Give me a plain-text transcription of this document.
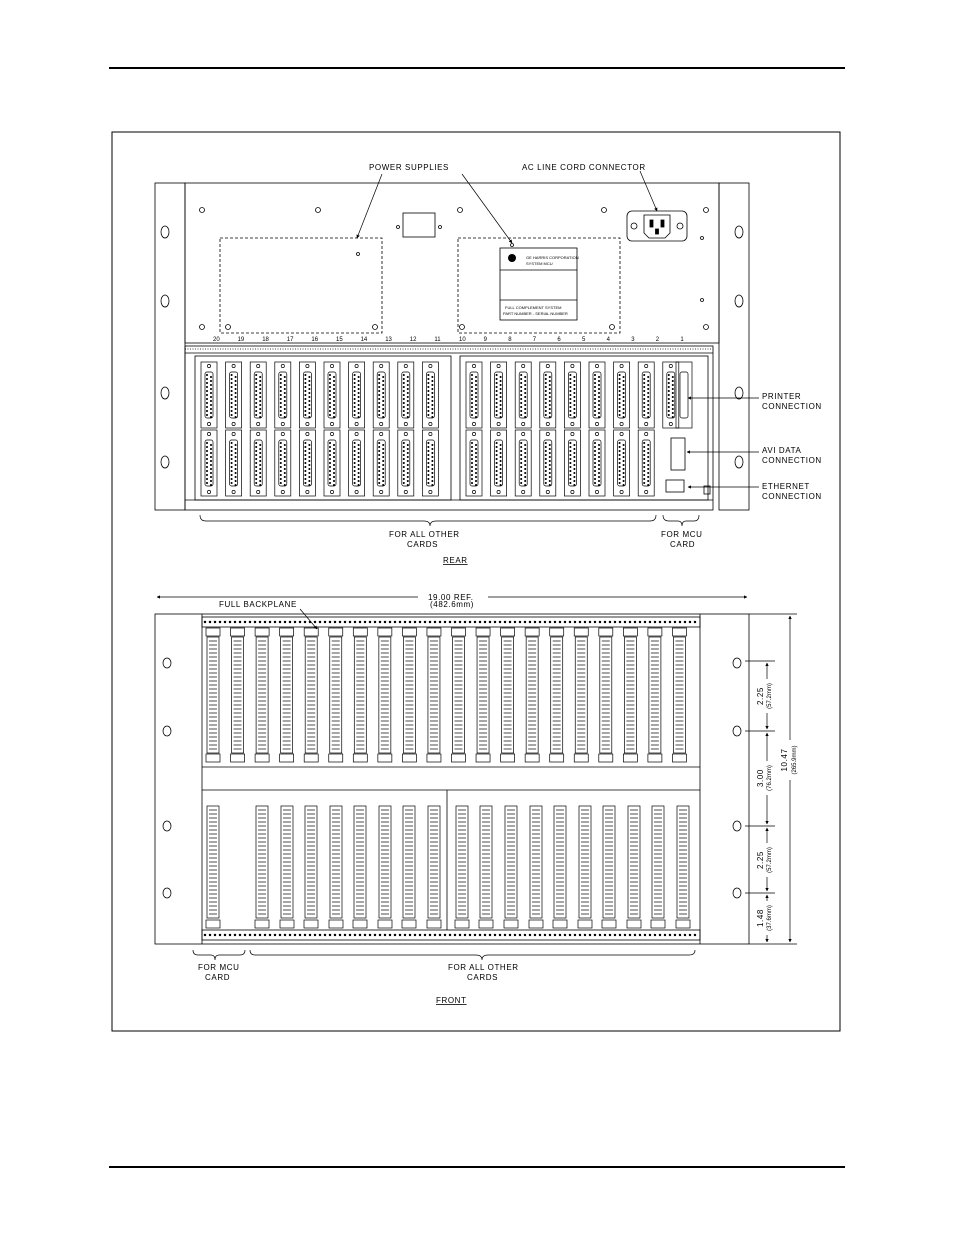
POWER SUPPLIES	AC LINE CORD CONNECTOR
GE HARRIS CORPORATION
SYSTEM MCU
FULL COMPLEMENT SYSTEM
PART NUMBER - SERIAL NUMBER
PRINTER
CONNECTION
AVI DATA
CONNECTION
ETHERNET
CONNECTION
FOR ALL OTHER
CARDS
FOR MCU
CARD
REAR
19.00 REF.
(482.6mm)
FULL BACKPLANE
2.25 (57.2mm)
3.00 (76.2mm)
2.25 (57.2mm)
1.48 (37.6mm)
10.47 (265.9mm)
FOR MCU
CARD
FOR ALL OTHER
CARDS
FRONT
20	19	18	17	16	15	14	13	12	11	10	9	8	7	6	5	4	3	2	1
